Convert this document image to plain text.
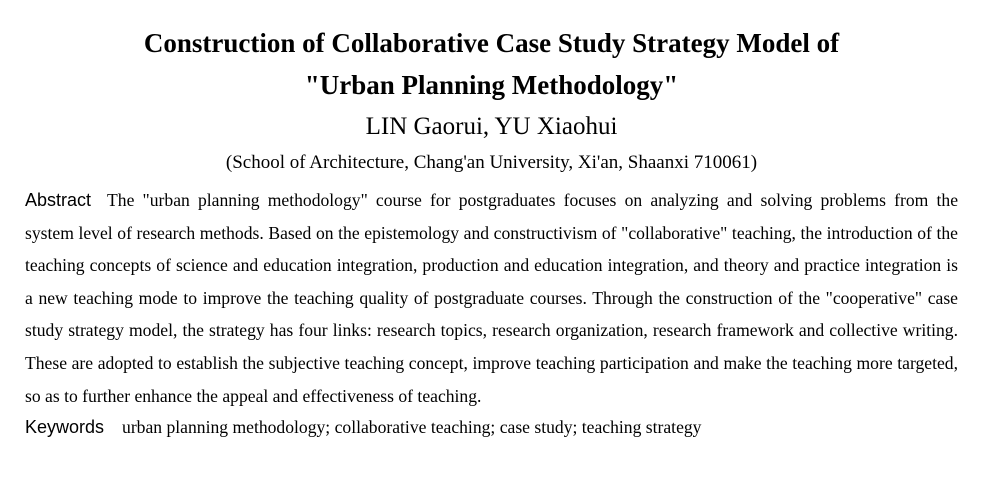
Construction of Collaborative Case Study Strategy Model of
"Urban Planning Methodology"
LIN Gaorui, YU Xiaohui
(School of Architecture, Chang'an University, Xi'an, Shaanxi 710061)

Abstract The "urban planning methodology" course for postgraduates focuses on analyzing and solving problems from the system level of research methods. Based on the epistemology and constructivism of "collaborative" teaching, the introduction of the teaching concepts of science and education integration, production and education integration, and theory and practice integration is a new teaching mode to improve the teaching quality of postgraduate courses. Through the construction of the "cooperative" case study strategy model, the strategy has four links: research topics, research organization, research framework and collective writing. These are adopted to establish the subjective teaching concept, improve teaching participation and make the teaching more targeted, so as to further enhance the appeal and effectiveness of teaching.

Keywords urban planning methodology; collaborative teaching; case study; teaching strategy
